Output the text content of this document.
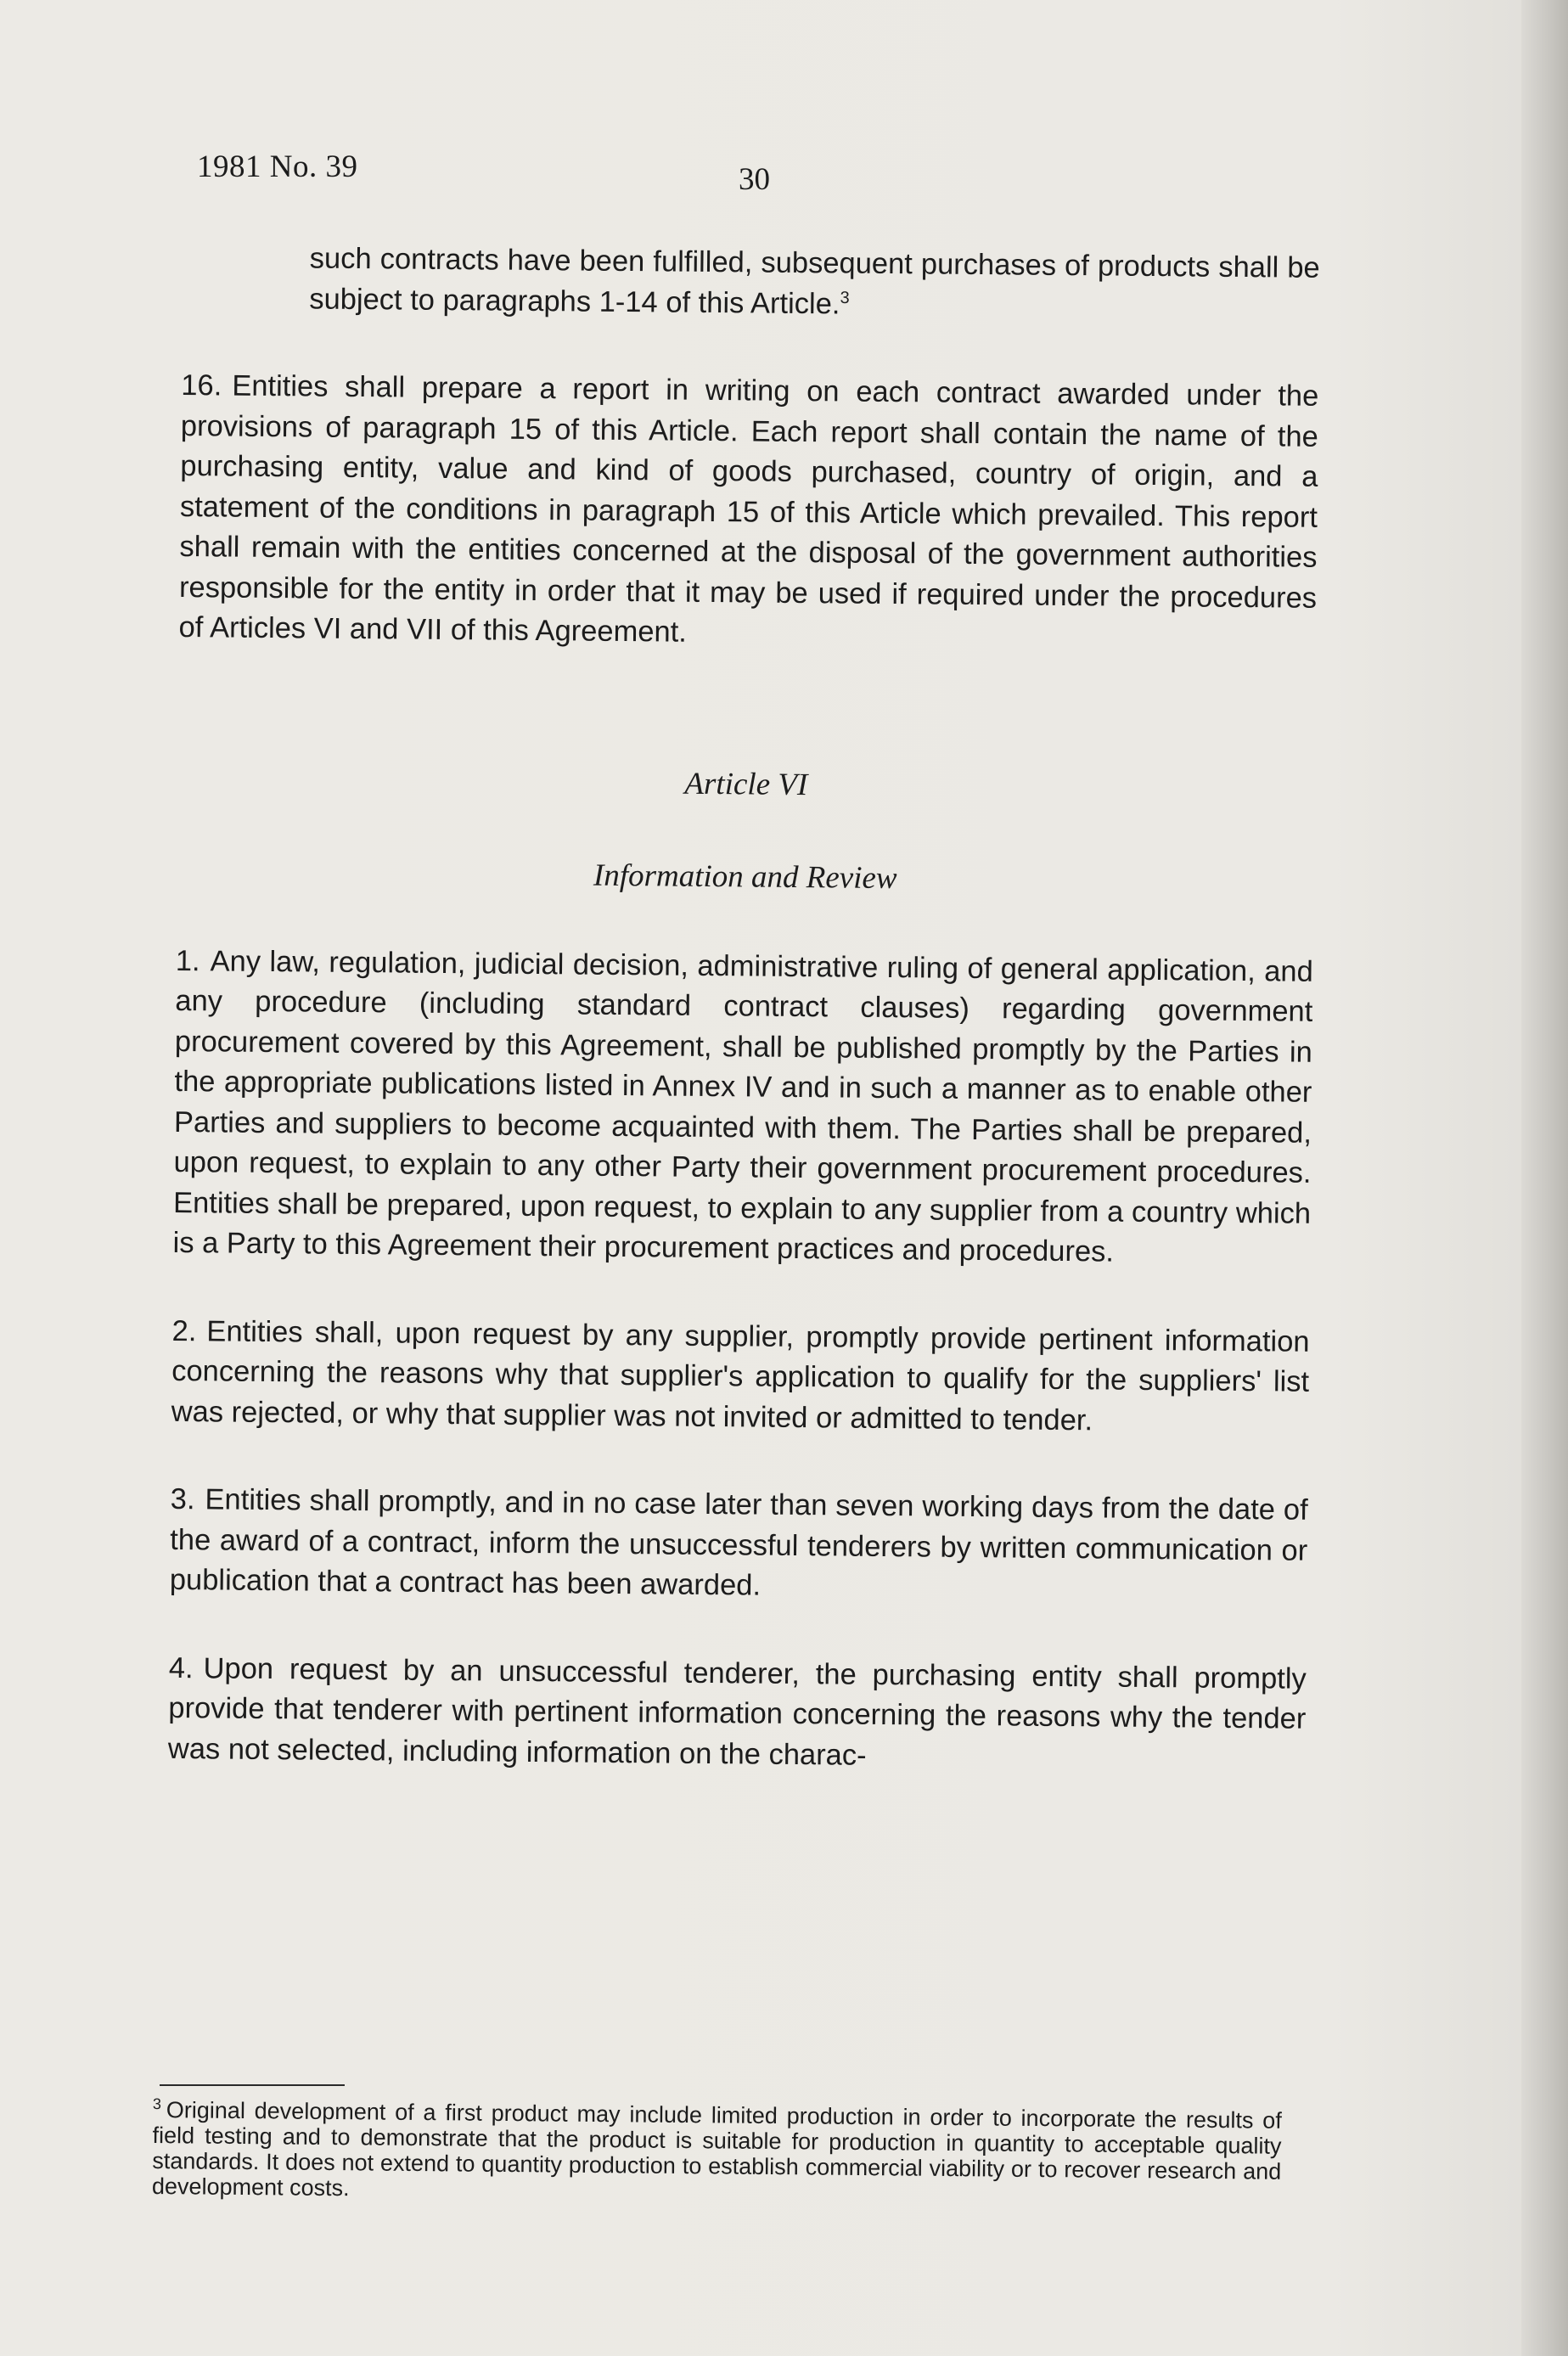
1981 No. 39	30

such contracts have been fulfilled, subsequent purchases of products shall be subject to paragraphs 1-14 of this Article.$^3$

16. Entities shall prepare a report in writing on each contract awarded under the provisions of paragraph 15 of this Article. Each report shall contain the name of the purchasing entity, value and kind of goods purchased, country of origin, and a statement of the conditions in paragraph 15 of this Article which prevailed. This report shall remain with the entities concerned at the disposal of the government authorities responsible for the entity in order that it may be used if required under the procedures of Articles VI and VII of this Agreement.

Article VI
Information and Review

1. Any law, regulation, judicial decision, administrative ruling of general application, and any procedure (including standard contract clauses) regarding government procurement covered by this Agreement, shall be published promptly by the Parties in the appropriate publications listed in Annex IV and in such a manner as to enable other Parties and suppliers to become acquainted with them. The Parties shall be prepared, upon request, to explain to any other Party their government procurement procedures. Entities shall be prepared, upon request, to explain to any supplier from a country which is a Party to this Agreement their procurement practices and procedures.

2. Entities shall, upon request by any supplier, promptly provide pertinent information concerning the reasons why that supplier's application to qualify for the suppliers' list was rejected, or why that supplier was not invited or admitted to tender.

3. Entities shall promptly, and in no case later than seven working days from the date of the award of a contract, inform the unsuccessful tenderers by written communication or publication that a contract has been awarded.

4. Upon request by an unsuccessful tenderer, the purchasing entity shall promptly provide that tenderer with pertinent information concerning the reasons why the tender was not selected, including information on the charac-

$^3$ Original development of a first product may include limited production in order to incorporate the results of field testing and to demonstrate that the product is suitable for production in quantity to acceptable quality standards. It does not extend to quantity production to establish commercial viability or to recover research and development costs.
